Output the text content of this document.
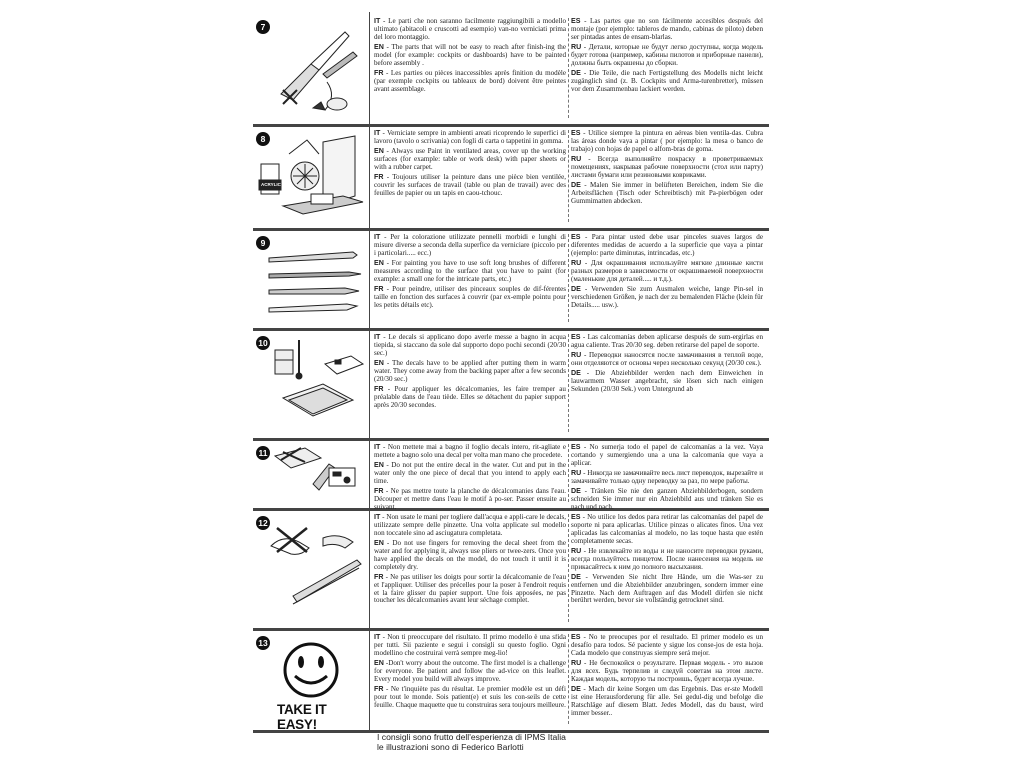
7

IT - Le parti che non saranno facilmente raggiungibili a modello ultimato (abitacoli e cruscotti ad esempio) van-no verniciati prima del loro montaggio.

EN - The parts that will not be easy to reach after finish-ing the model (for example: cockpits or dashboards) have to be painted before assembly .

FR - Les parties ou pièces inaccessibles après finition du modèle (par exemple cockpits ou tableaux de bord) doivent être peintes avant assemblage.

ES - Las partes que no son fácilmente accesibles después del montaje (por ejemplo: tableros de mando, cabinas de piloto) deben ser pintadas antes de ensam-blarlas.

RU - Детали, которые не будут легко доступны, когда модель будет готова (например, кабины пилотов и приборные панели), должны быть окрашены до сборки.

DE - Die Teile, die nach Fertigstellung des Modells nicht leicht zugänglich sind (z. B. Cockpits und Arma-turenbretter), müssen vor dem Zusammenbau lackiert werden.

8
ACRYLIC

IT - Verniciate sempre in ambienti areati ricoprendo le superfici di lavoro (tavolo o scrivania) con fogli di carta o tappetini in gomma.

EN - Always use Paint in ventilated areas, cover up the working surfaces (for example: table or work desk) with paper sheets or with a rubber carpet.

FR - Toujours utiliser la peinture dans une pièce bien ventilée, couvrir les surfaces de travail (table ou plan de travail) avec des feuilles de papier ou un tapis en caou-tchouc.

ES - Utilice siempre la pintura en aéreas bien ventila-das. Cubra las áreas donde vaya a pintar ( por ejemplo: la mesa o banco de trabajo) con hojas de papel o alfom-bras de goma.

RU - Всегда выполняйте покраску в проветриваемых помещениях, накрывая рабочие поверхности (стол или парту) листами бумаги или резиновыми ковриками.

DE - Malen Sie immer in belüfteten Bereichen, indem Sie die Arbeitsflächen (Tisch oder Schreibtisch) mit Pa-pierbögen oder Gummimatten abdecken.

9

IT - Per la colorazione utilizzate pennelli morbidi e lunghi di misure diverse a seconda della superfice da verniciare (piccolo per i particolari..... ecc.)

EN - For painting you have to use soft long brushes of different measures according to the surface that you have to paint (for example: a small one for the intricate parts, etc.)

FR - Pour peindre, utiliser des pinceaux souples de dif-férentes taille en fonction des surfaces à couvrir (par ex-emple pointu pour les petits détails etc).

ES - Para pintar usted debe usar pinceles suaves largos de diferentes medidas de acuerdo a la superficie que vaya a pintar (ejemplo: parte diminutas, intrincadas, etc.)

RU - Для окрашивания используйте мягкие длинные кисти разных размеров в зависимости от окрашиваемой поверхности (маленькие для деталей..... и т.д.).

DE - Verwenden Sie zum Ausmalen weiche, lange Pin-sel in verschiedenen Größen, je nach der zu bemalenden Fläche (klein für Details..... usw.).

10

IT - Le decals si applicano dopo averle messe a bagno in acqua tiepida, si staccano da sole dal supporto dopo pochi secondi (20/30 sec.)

EN - The decals have to be applied after putting them in warm water. They come away from the backing paper after a few seconds (20/30 sec.)

FR - Pour appliquer les décalcomanies, les faire tremper au préalable dans de l'eau tiède. Elles se détachent du papier support après 20/30 secondes.

ES - Las calcomanías deben aplicarse después de sum-ergirlas en agua caliente. Tras 20/30 seg. deben retirarse del papel de soporte.

RU - Переводки наносятся после замачивания в теплой воде, они отделяются от основы через несколько секунд (20/30 сек.).

DE - Die Abziehbilder werden nach dem Einweichen in lauwarmem Wasser angebracht, sie lösen sich nach einigen Sekunden (20/30 Sek.) vom Untergrund ab

11

IT - Non mettete mai a bagno il foglio decals intero, rit-agliate e mettete a bagno solo una decal per volta man mano che procedete.

EN - Do not put the entire decal in the water. Cut and put in the water only the one piece of decal that you intend to apply each time.

FR - Ne pas mettre toute la planche de décalcomanies dans l'eau. Découper et mettre dans l'eau le motif à po-ser. Passer ensuite au suivant.

ES - No sumerja todo el papel de calcomanías a la vez. Vaya cortando y sumergiendo una a una la calcomanía que vaya a aplicar.

RU - Никогда не замачивайте весь лист переводок, вырезайте и замачивайте только одну переводку за раз, по мере работы.

DE - Tränken Sie nie den ganzen Abziehbilderbogen, sondern schneiden Sie immer nur ein Abziehbild aus und tränken Sie es nach und nach.

12

IT - Non usate le mani per togliere dall'acqua e appli-care le decals, utilizzate sempre delle pinzette. Una volta applicate sul modello non toccatele sino ad asciugatura completata.

EN - Do not use fingers for removing the decal sheet from the water and for applying it, always use pliers or twee-zers. Once you have applied the decals on the model, do not touch it until it is completely dry.

FR - Ne pas utiliser les doigts pour sortir la décalcomanie de l'eau et l'appliquer. Utiliser des précelles pour la poser à l'endroit requis et la faire glisser du papier support. Une fois apposées, ne pas toucher les décalcomanies avant leur séchage complet.

ES - No utilice los dedos para retirar las calcomanías del papel de soporte ni para aplicarlas. Utilice pinzas o alicates finos. Una vez aplicadas las calcomanías al modelo, no las toque hasta que estén completamente secas.

RU - Не извлекайте из воды и не наносите переводки руками, всегда пользуйтесь пинцетом. После нанесения на модель не прикасайтесь к ним до полного высыхания.

DE - Verwenden Sie nicht Ihre Hände, um die Was-ser zu entfernen und die Abziehbilder anzubringen, sondern immer eine Pinzette. Nach dem Auftragen auf das Modell dürfen sie nicht berührt werden, bevor sie vollständig getrocknet sind.

13
TAKE IT EASY!

IT - Non ti preoccupare del risultato. Il primo modello è una sfida per tutti. Sii paziente e segui i consigli su questo foglio. Ogni modellino che costruirai verrà sempre meg-lio!

EN -Don't worry about the outcome. The first model is a challenge for everyone. Be patient and follow the ad-vice on this leaflet. Every model you build will always improve.

FR - Ne t'inquiète pas du résultat. Le premier modèle est un défi pour tout le monde. Sois patient(e) et suis les con-seils de cette feuille. Chaque maquette que tu construiras sera toujours meilleure.

ES - No te preocupes por el resultado. El primer modelo es un desafío para todos. Sé paciente y sigue los conse-jos de esta hoja. Cada modelo que construyas siempre será mejor.

RU - Не беспокойся о результате. Первая модель - это вызов для всех. Будь терпелив и следуй советам на этом листе. Каждая модель, которую ты построишь, будет всегда лучше.

DE - Mach dir keine Sorgen um das Ergebnis. Das er-ste Modell ist eine Herausforderung für alle. Sei gedul-dig und befolge die Ratschläge auf diesem Blatt. Jedes Modell, das du baust, wird immer besser..

I consigli sono frutto dell'esperienza di IPMS Italia
le illustrazioni sono di Federico Barlotti
